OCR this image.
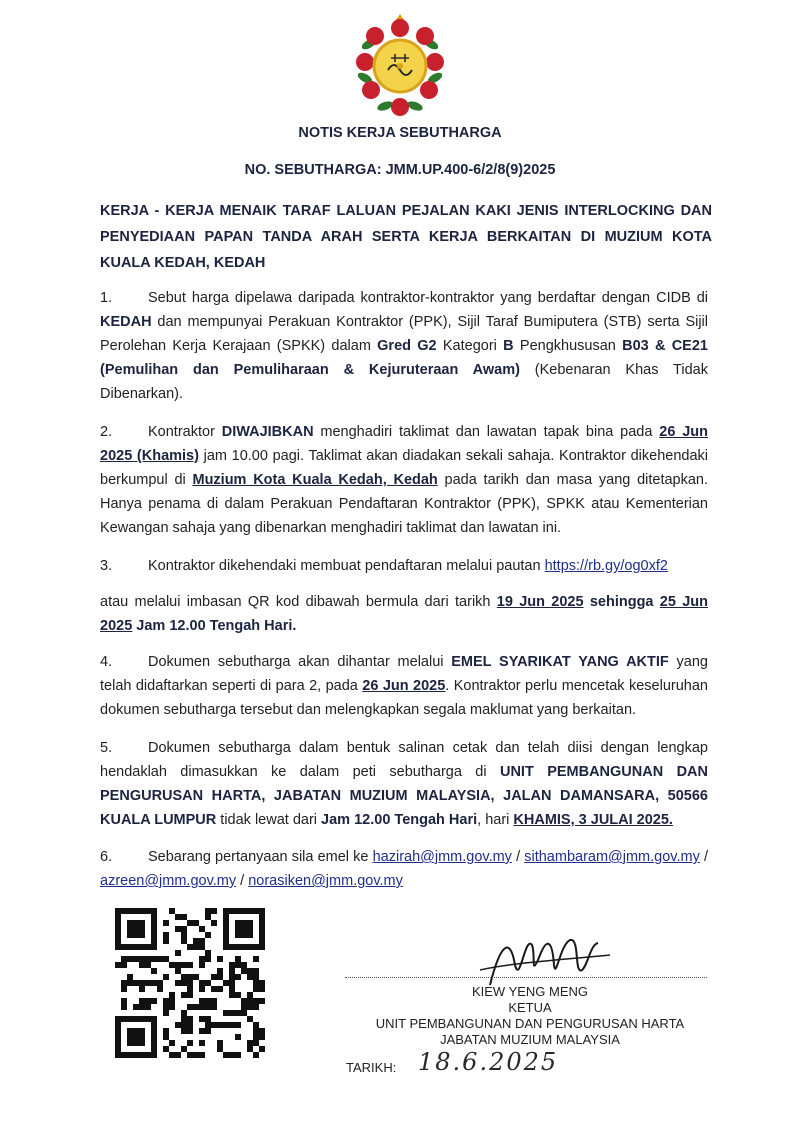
NOTIS KERJA SEBUTHARGA
NO. SEBUTHARGA: JMM.UP.400-6/2/8(9)2025
KERJA - KERJA MENAIK TARAF LALUAN PEJALAN KAKI JENIS INTERLOCKING DAN PENYEDIAAN PAPAN TANDA ARAH SERTA KERJA BERKAITAN DI MUZIUM KOTA KUALA KEDAH, KEDAH
1. Sebut harga dipelawa daripada kontraktor-kontraktor yang berdaftar dengan CIDB di KEDAH dan mempunyai Perakuan Kontraktor (PPK), Sijil Taraf Bumiputera (STB) serta Sijil Perolehan Kerja Kerajaan (SPKK) dalam Gred G2 Kategori B Pengkhususan B03 & CE21 (Pemulihan dan Pemuliharaan & Kejuruteraan Awam) (Kebenaran Khas Tidak Dibenarkan).
2. Kontraktor DIWAJIBKAN menghadiri taklimat dan lawatan tapak bina pada 26 Jun 2025 (Khamis) jam 10.00 pagi. Taklimat akan diadakan sekali sahaja. Kontraktor dikehendaki berkumpul di Muzium Kota Kuala Kedah, Kedah pada tarikh dan masa yang ditetapkan. Hanya penama di dalam Perakuan Pendaftaran Kontraktor (PPK), SPKK atau Kementerian Kewangan sahaja yang dibenarkan menghadiri taklimat dan lawatan ini.
3. Kontraktor dikehendaki membuat pendaftaran melalui pautan https://rb.gy/og0xf2
atau melalui imbasan QR kod dibawah bermula dari tarikh 19 Jun 2025 sehingga 25 Jun 2025 Jam 12.00 Tengah Hari.
4. Dokumen sebutharga akan dihantar melalui EMEL SYARIKAT YANG AKTIF yang telah didaftarkan seperti di para 2, pada 26 Jun 2025. Kontraktor perlu mencetak keseluruhan dokumen sebutharga tersebut dan melengkapkan segala maklumat yang berkaitan.
5. Dokumen sebutharga dalam bentuk salinan cetak dan telah diisi dengan lengkap hendaklah dimasukkan ke dalam peti sebutharga di UNIT PEMBANGUNAN DAN PENGURUSAN HARTA, JABATAN MUZIUM MALAYSIA, JALAN DAMANSARA, 50566 KUALA LUMPUR tidak lewat dari Jam 12.00 Tengah Hari, hari KHAMIS, 3 JULAI 2025.
6. Sebarang pertanyaan sila emel ke hazirah@jmm.gov.my / sithambaram@jmm.gov.my / azreen@jmm.gov.my / norasiken@jmm.gov.my
KIEW YENG MENG
KETUA
UNIT PEMBANGUNAN DAN PENGURUSAN HARTA
JABATAN MUZIUM MALAYSIA
TARIKH: 18.6.2025
